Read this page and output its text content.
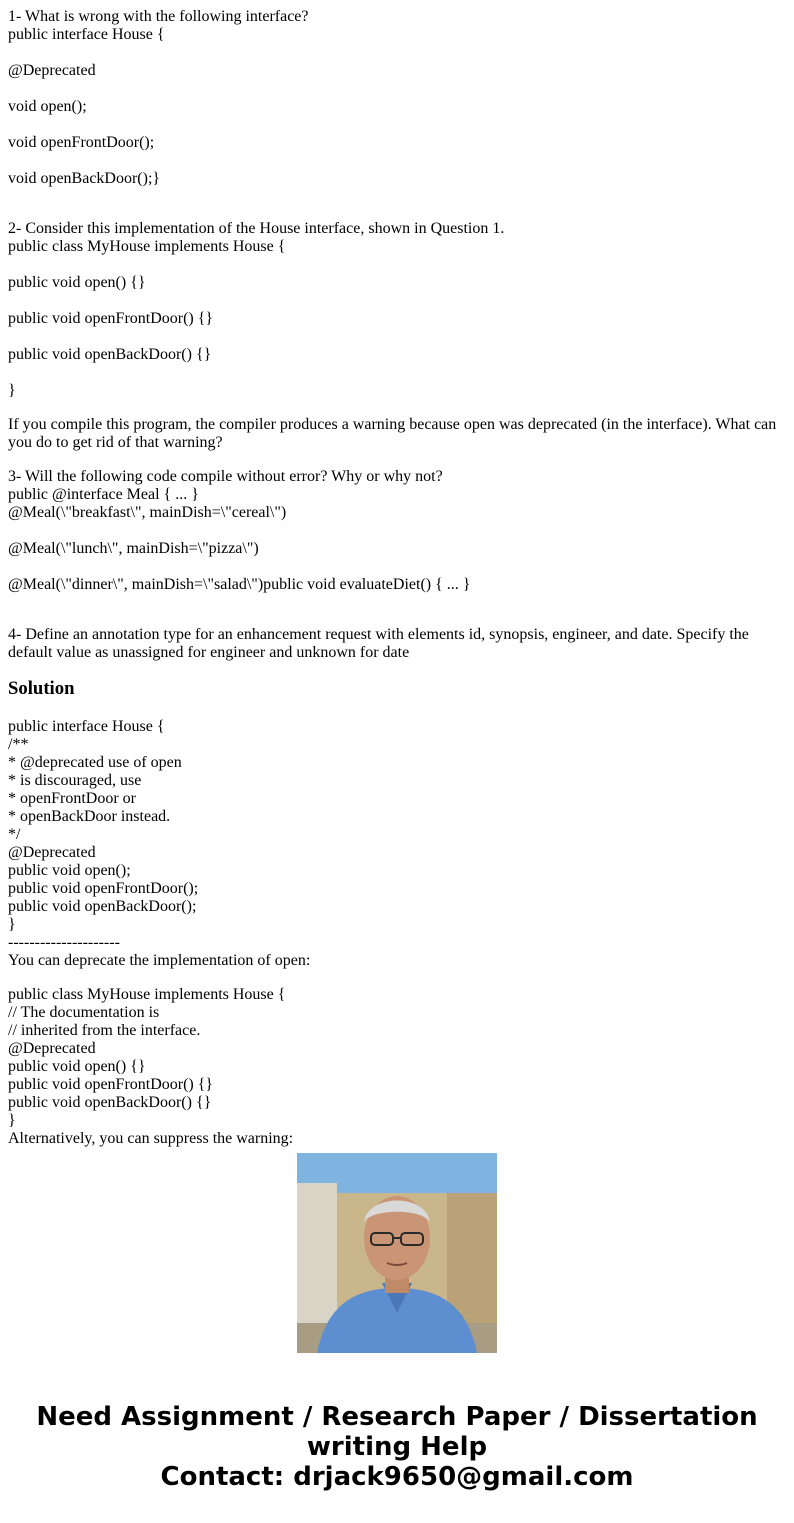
1- What is wrong with the following interface?
public interface House {
@Deprecated
void open();
void openFrontDoor();
void openBackDoor();}

2- Consider this implementation of the House interface, shown in Question 1.
public class MyHouse implements House {
public void open() {}
public void openFrontDoor() {}
public void openBackDoor() {}
}

If you compile this program, the compiler produces a warning because open was deprecated (in the interface). What can you do to get rid of that warning?

3- Will the following code compile without error? Why or why not?
public @interface Meal { ... }
@Meal(\"breakfast\", mainDish=\"cereal\")
@Meal(\"lunch\", mainDish=\"pizza\")
@Meal(\"dinner\", mainDish=\"salad\")public void evaluateDiet() { ... }

4- Define an annotation type for an enhancement request with elements id, synopsis, engineer, and date. Specify the default value as unassigned for engineer and unknown for date

Solution

public interface House {
/**
* @deprecated use of open
* is discouraged, use
* openFrontDoor or
* openBackDoor instead.
*/
@Deprecated
public void open();
public void openFrontDoor();
public void openBackDoor();
}
---------------------
You can deprecate the implementation of open:

public class MyHouse implements House {
// The documentation is
// inherited from the interface.
@Deprecated
public void open() {}
public void openFrontDoor() {}
public void openBackDoor() {}
}
Alternatively, you can suppress the warning:

Need Assignment / Research Paper / Dissertation
writing Help
Contact: drjack9650@gmail.com
